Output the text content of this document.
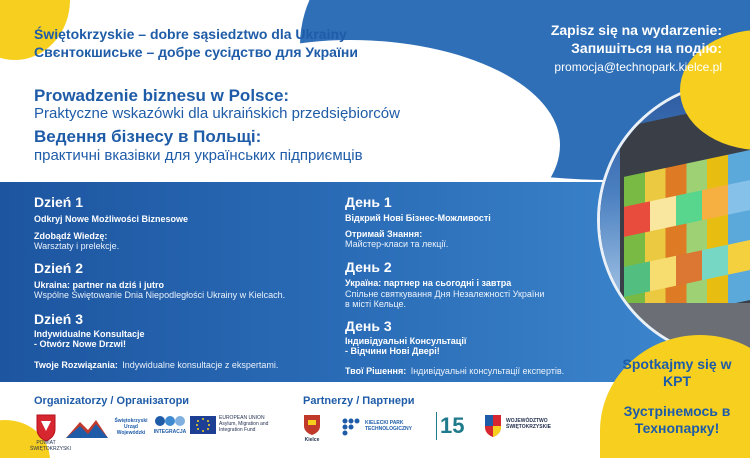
Świętokrzyskie – dobre sąsiedztwo dla Ukrainy
Свєнтокшиське – добре сусідство для України
Zapisz się na wydarzenie:
Запишіться на подію:
promocja@technopark.kielce.pl
Prowadzenie biznesu w Polsce:
Praktyczne wskazówki dla ukraińskich przedsiębiorców
Ведення бізнесу в Польщі:
практичні вказівки для українських підприємців
Dzień 1
Odkryj Nowe Możliwości Biznesowe
Zdobądź Wiedzę:
Warsztaty i prelekcje.
Dzień 2
Ukraina: partner na dziś i jutro
Wspólne Świętowanie Dnia Niepodległości Ukrainy w Kielcach.
Dzień 3
Indywidualne Konsultacje
- Otwórz Nowe Drzwi!
Twoje Rozwiązania: Indywidualne konsultacje z ekspertami.
День 1
Відкрий Нові Бізнес-Можливості
Отримай Знання:
Майстер-класи та лекції.
День 2
Україна: партнер на сьогодні і завтра
Спільне святкування Дня Незалежності України
в місті Кельце.
День 3
Індивідуальні Консультації
- Відчини Нові Двері!
Твої Рішення: Індивідуальні консультації експертів.	Spotkajmy się w KPT
Зустрінемось в Технопарку!
Organizatorzy / Організатори	Partnerzy / Партнери
POWIAT ŚWIĘTOKRZYSKI
Świętokrzyski Urząd Wojewódzki	INTEGRACJA
EUROPEAN UNION Asylum, Migration and Integration Fund
Kielce
KIELECKI PARK TECHNOLOGICZNY	15	WOJEWÓDZTWO ŚWIĘTOKRZYSKIE
